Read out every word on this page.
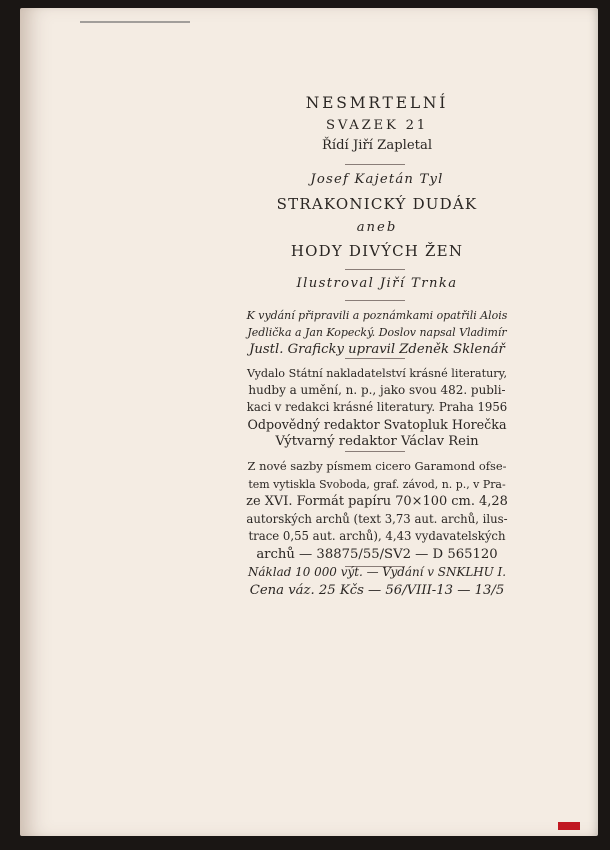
NESMRTELNÍ
SVAZEK 21
Řídí Jiří Zapletal
Josef Kajetán Tyl
STRAKONICKÝ DUDÁK
aneb
HODY DIVÝCH ŽEN
Ilustroval Jiří Trnka
K vydání připravili a poznámkami opatřili Alois
Jedlička a Jan Kopecký. Doslov napsal Vladimír
Justl. Graficky upravil Zdeněk Sklenář
Vydalo Státní nakladatelství krásné literatury,
hudby a umění, n. p., jako svou 482. publi-
kaci v redakci krásné literatury. Praha 1956
Odpovědný redaktor Svatopluk Horečka
Výtvarný redaktor Václav Rein
Z nové sazby písmem cicero Garamond ofse-
tem vytiskla Svoboda, graf. závod, n. p., v Pra-
ze XVI. Formát papíru 70×100 cm. 4,28
autorských archů (text 3,73 aut. archů, ilus-
trace 0,55 aut. archů), 4,43 vydavatelských
archů — 38875/55/SV2 — D 565120
Náklad 10 000 výt. — Vydání v SNKLHU I.
Cena váz. 25 Kčs — 56/VIII-13 — 13/5
